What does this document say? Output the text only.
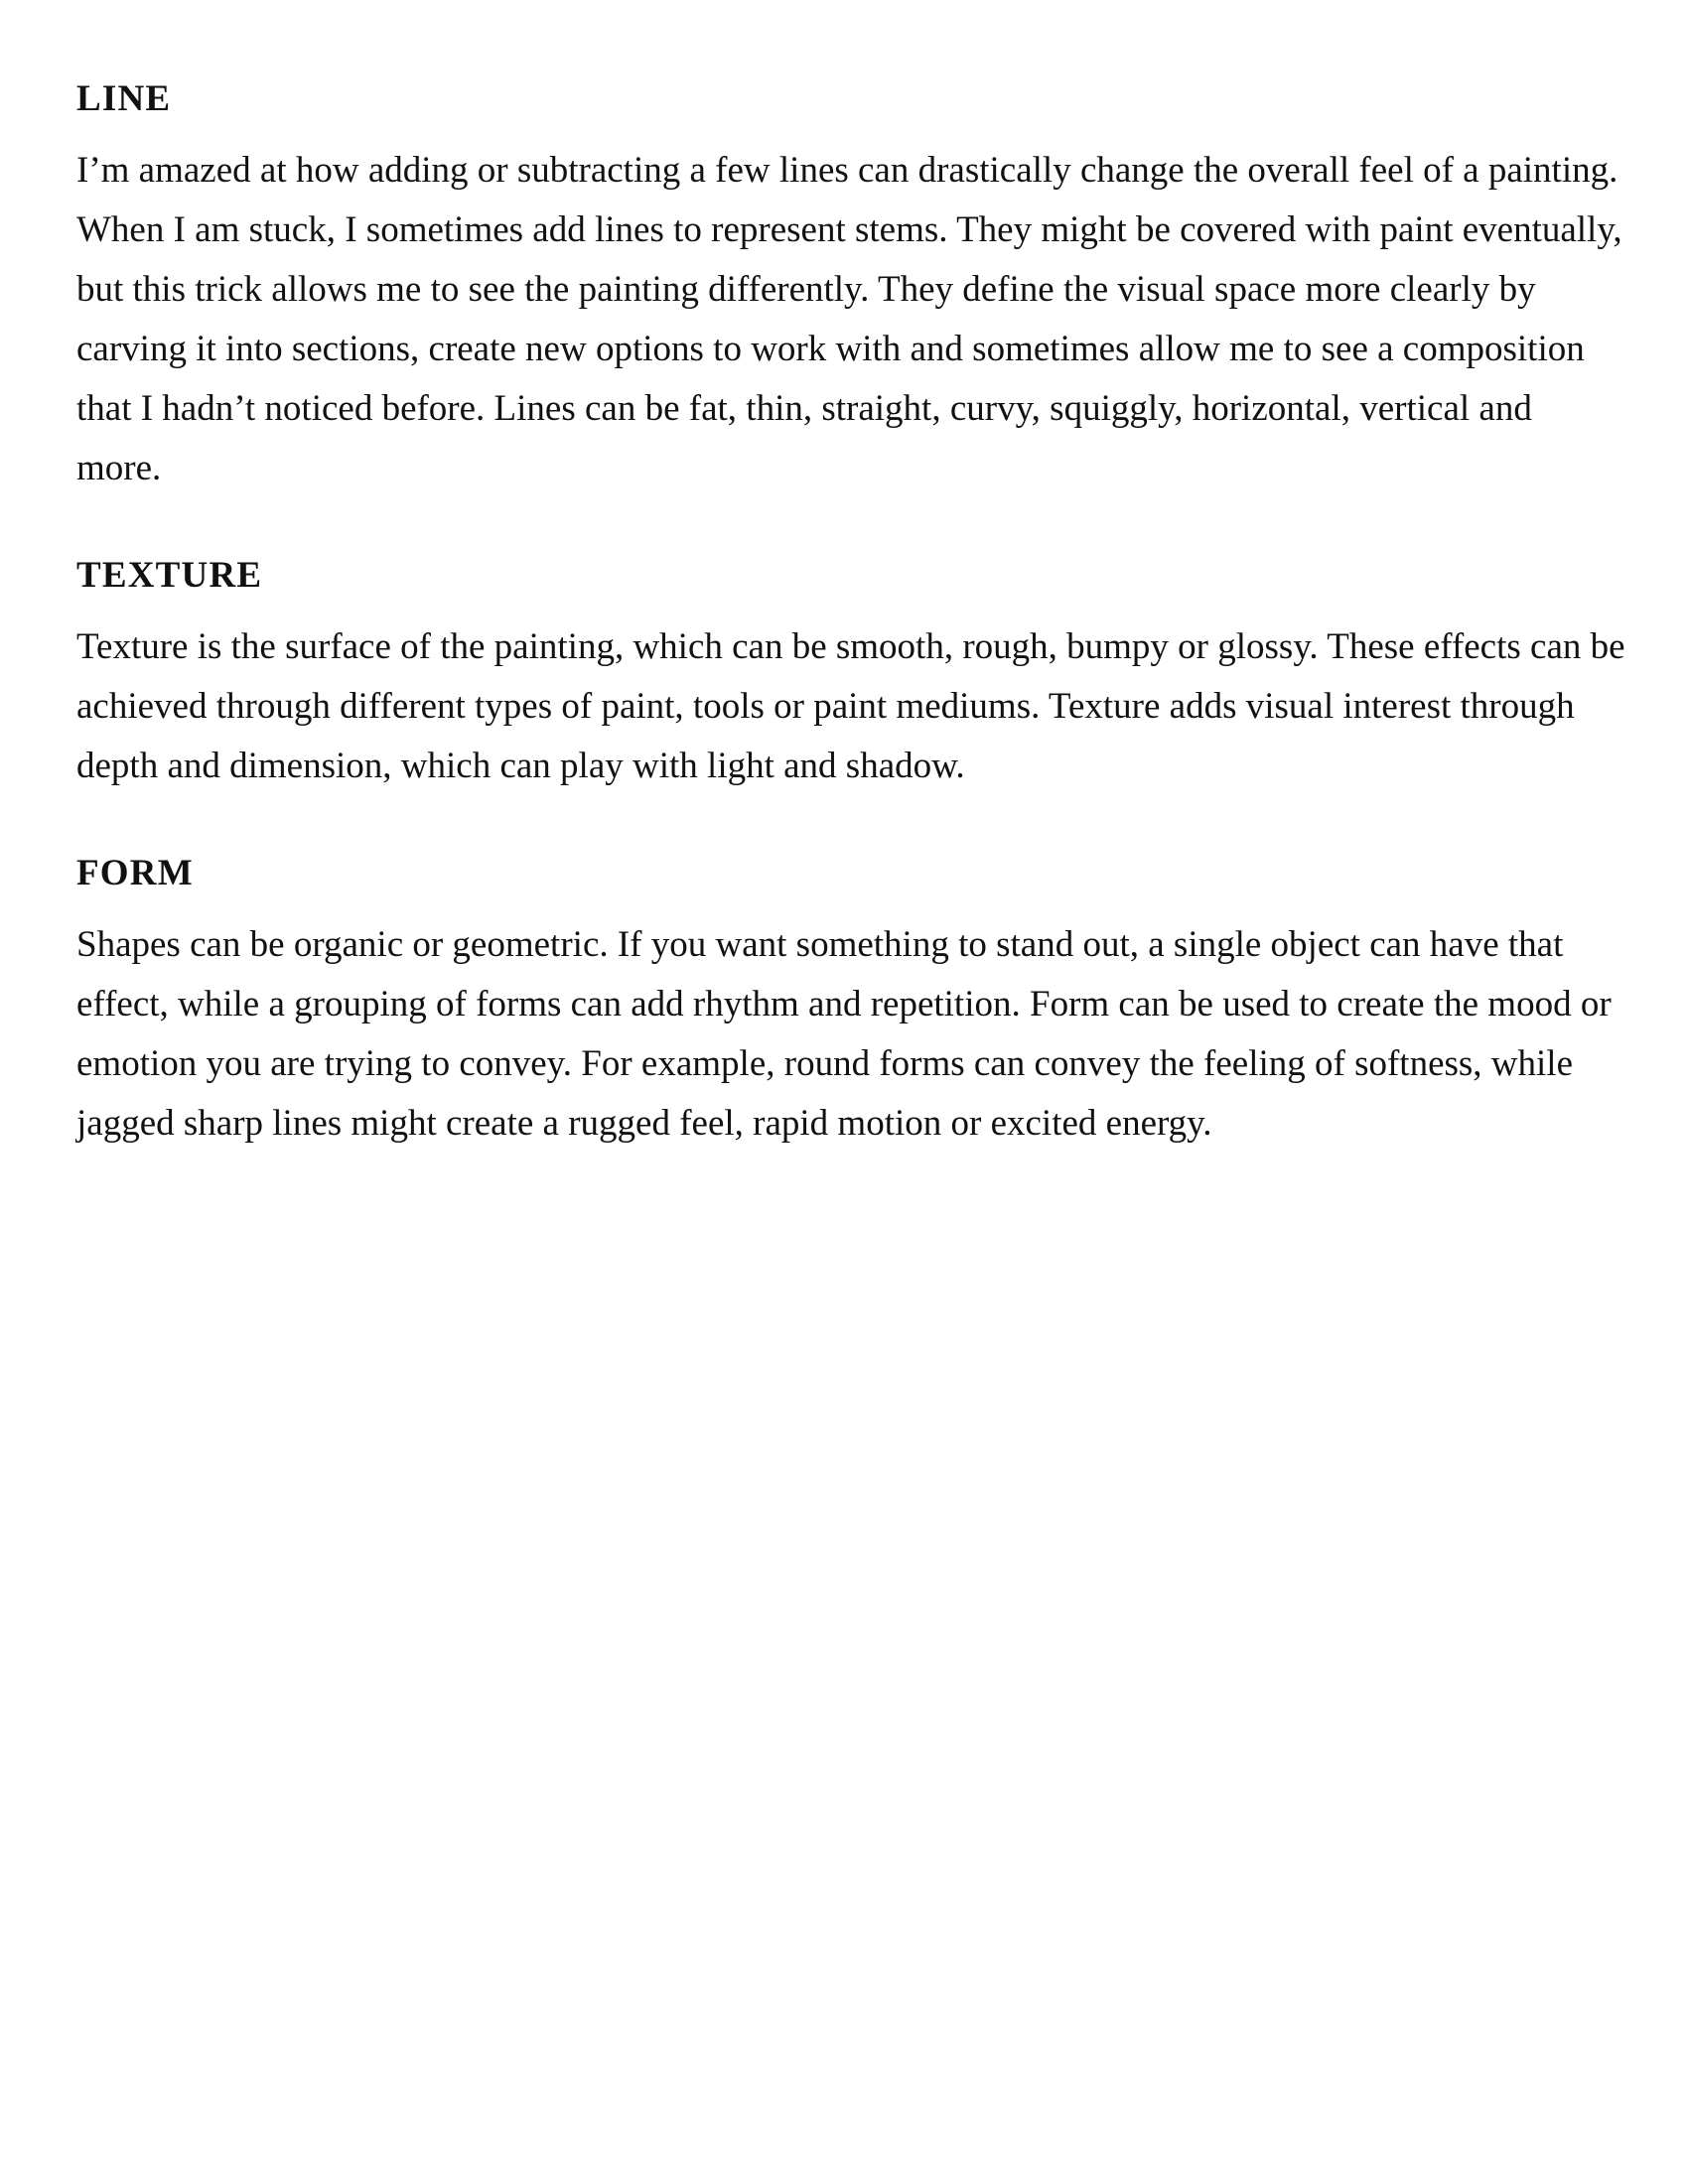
LINE

I’m amazed at how adding or subtracting a few lines can drastically change the overall feel of a painting. When I am stuck, I sometimes add lines to represent stems. They might be covered with paint eventually, but this trick allows me to see the painting differently. They define the visual space more clearly by carving it into sections, create new options to work with and sometimes allow me to see a composition that I hadn’t noticed before. Lines can be fat, thin, straight, curvy, squiggly, horizontal, vertical and more.

TEXTURE

Texture is the surface of the painting, which can be smooth, rough, bumpy or glossy. These effects can be achieved through different types of paint, tools or paint mediums. Texture adds visual interest through depth and dimension, which can play with light and shadow.

FORM

Shapes can be organic or geometric. If you want something to stand out, a single object can have that effect, while a grouping of forms can add rhythm and repetition. Form can be used to create the mood or emotion you are trying to convey. For example, round forms can convey the feeling of softness, while jagged sharp lines might create a rugged feel, rapid motion or excited energy.
